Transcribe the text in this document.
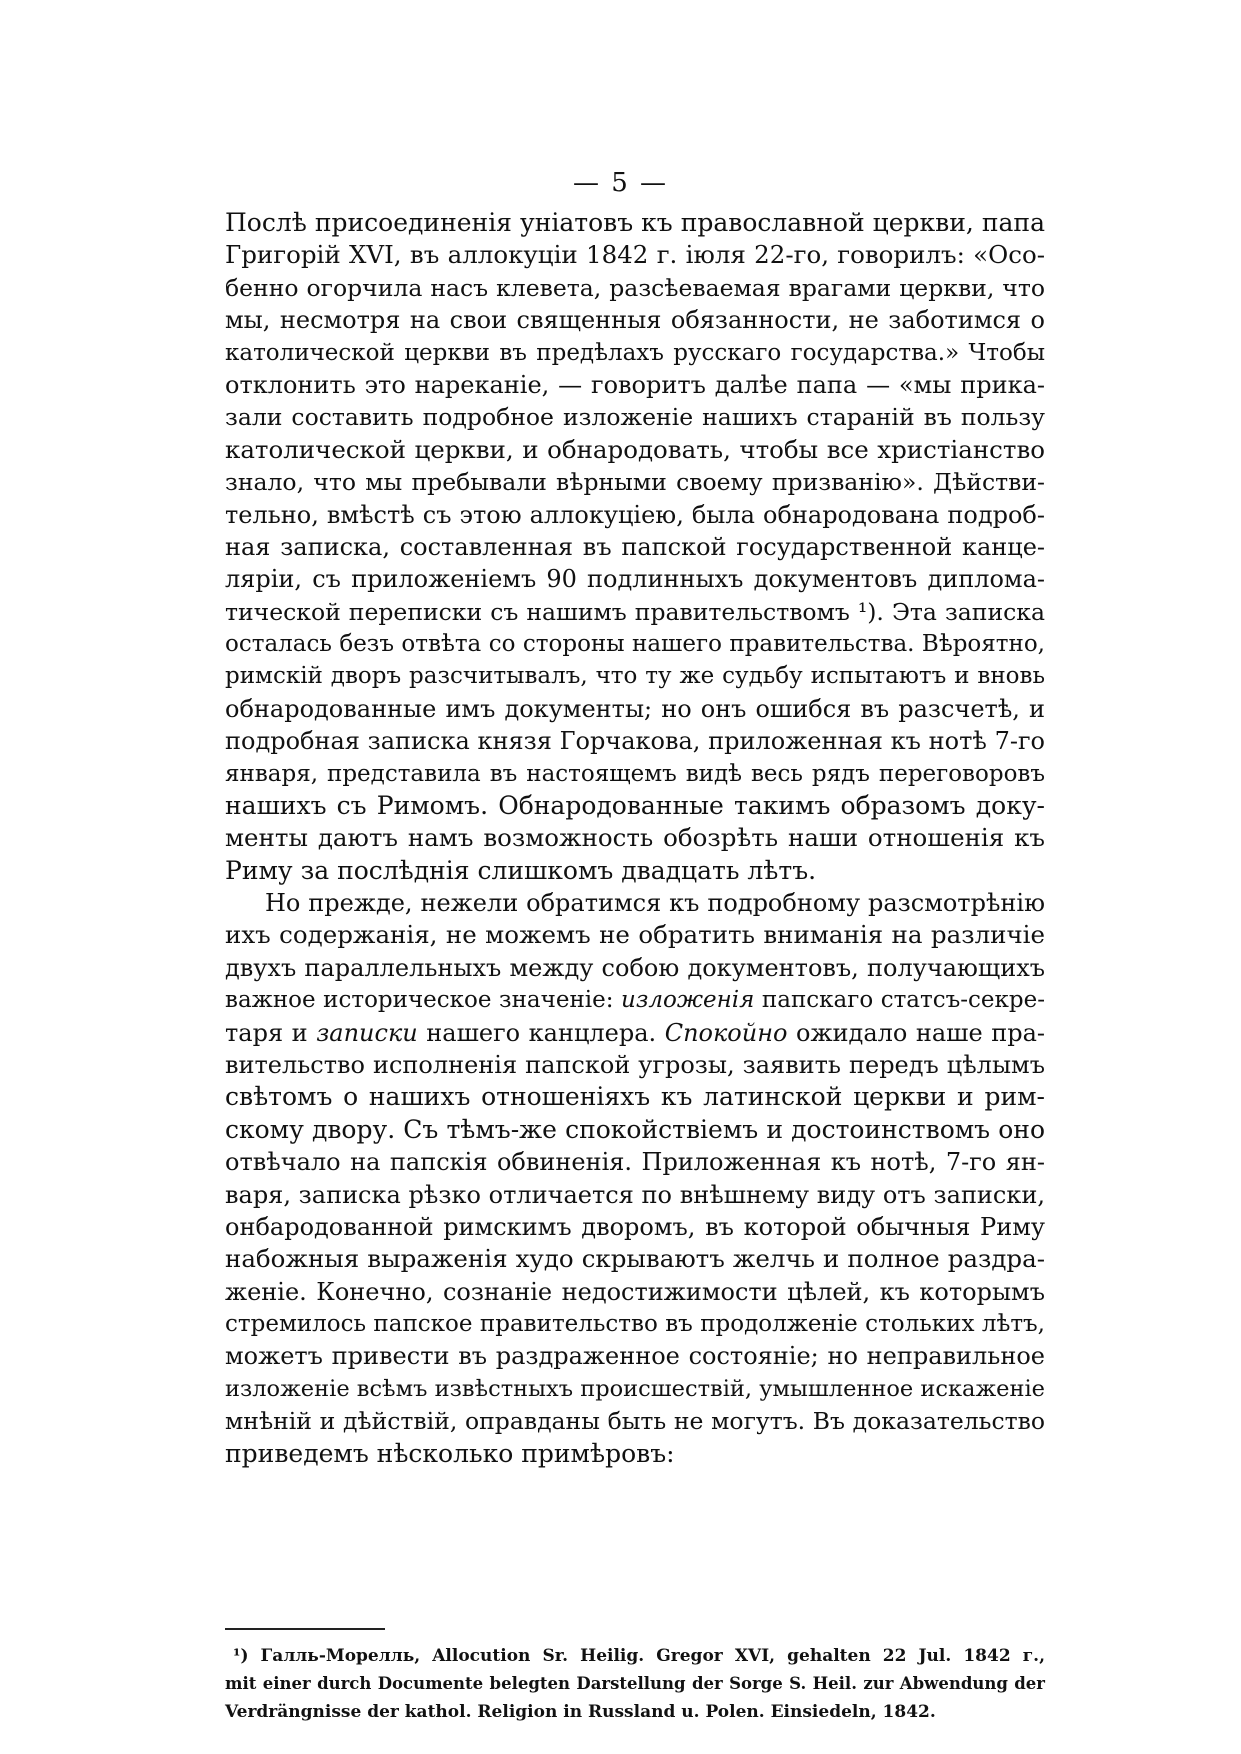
— 5 —
Послѣ присоединенія уніатовъ къ православной церкви, папа
Григорій XVI, въ аллокуціи 1842 г. іюля 22-го, говорилъ: «Осо-
бенно огорчила насъ клевета, разсѣеваемая врагами церкви, что
мы, несмотря на свои священныя обязанности, не заботимся о
католической церкви въ предѣлахъ русскаго государства.» Чтобы
отклонить это нареканіе, — говоритъ далѣе папа — «мы прика-
зали составить подробное изложеніе нашихъ стараній въ пользу
католической церкви, и обнародовать, чтобы все христіанство
знало, что мы пребывали вѣрными своему призванію». Дѣйстви-
тельно, вмѣстѣ съ этою аллокуціею, была обнародована подроб-
ная записка, составленная въ папской государственной канце-
ляріи, съ приложеніемъ 90 подлинныхъ документовъ диплома-
тической переписки съ нашимъ правительствомъ ¹). Эта записка
осталась безъ отвѣта со стороны нашего правительства. Вѣроятно,
римскій дворъ разсчитывалъ, что ту же судьбу испытаютъ и вновь
обнародованные имъ документы; но онъ ошибся въ разсчетѣ, и
подробная записка князя Горчакова, приложенная къ нотѣ 7-го
января, представила въ настоящемъ видѣ весь рядъ переговоровъ
нашихъ съ Римомъ. Обнародованные такимъ образомъ доку-
менты даютъ намъ возможность обозрѣть наши отношенія къ
Риму за послѣднія слишкомъ двадцать лѣтъ.
Но прежде, нежели обратимся къ подробному разсмотрѣнію
ихъ содержанія, не можемъ не обратить вниманія на различіе
двухъ параллельныхъ между собою документовъ, получающихъ
важное историческое значеніе: изложенія папскаго статсъ-секре-
таря и записки нашего канцлера. Спокойно ожидало наше пра-
вительство исполненія папской угрозы, заявить передъ цѣлымъ
свѣтомъ о нашихъ отношеніяхъ къ латинской церкви и рим-
скому двору. Съ тѣмъ-же спокойствіемъ и достоинствомъ оно
отвѣчало на папскія обвиненія. Приложенная къ нотѣ, 7-го ян-
варя, записка рѣзко отличается по внѣшнему виду отъ записки,
онбародованной римскимъ дворомъ, въ которой обычныя Риму
набожныя выраженія худо скрываютъ желчь и полное раздра-
женіе. Конечно, сознаніе недостижимости цѣлей, къ которымъ
стремилось папское правительство въ продолженіе стольких лѣтъ,
можетъ привести въ раздраженное состояніе; но неправильное
изложеніе всѣмъ извѣстныхъ происшествій, умышленное искаженіе
мнѣній и дѣйствій, оправданы быть не могутъ. Въ доказательство
приведемъ нѣсколько примѣровъ:
¹) Галль-Морелль, Allocution Sr. Heilig. Gregor XVI, gehalten 22 Jul. 1842 г.,
mit einer durch Documente belegten Darstellung der Sorge S. Heil. zur Abwendung der
Verdrängnisse der kathol. Religion in Russland u. Polen. Einsiedeln, 1842.
